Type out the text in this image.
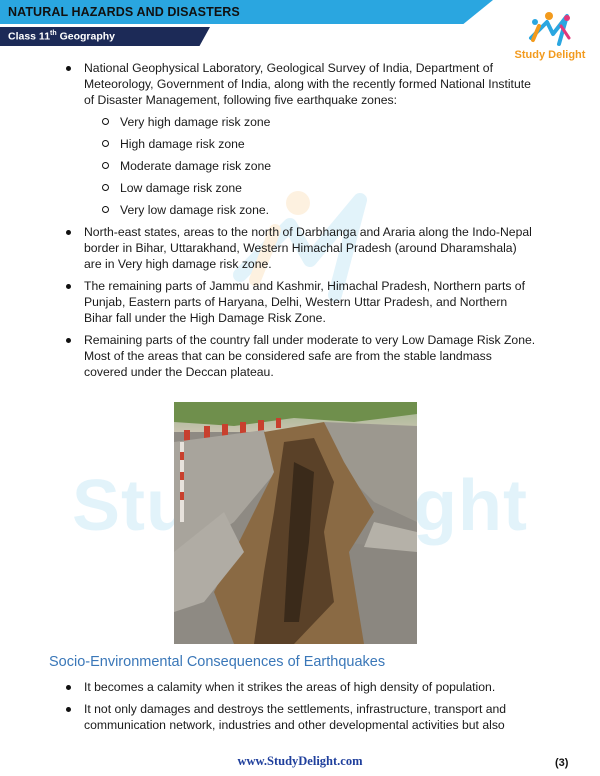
NATURAL HAZARDS AND DISASTERS
Class 11th Geography
Study Delight
National Geophysical Laboratory, Geological Survey of India, Department of Meteorology, Government of India, along with the recently formed National Institute of Disaster Management, following five earthquake zones:
Very high damage risk zone
High damage risk zone
Moderate damage risk zone
Low damage risk zone
Very low damage risk zone.
North-east states, areas to the north of Darbhanga and Araria along the Indo-Nepal border in Bihar, Uttarakhand, Western Himachal Pradesh (around Dharamshala) are in Very high damage risk zone.
The remaining parts of Jammu and Kashmir, Himachal Pradesh, Northern parts of Punjab, Eastern parts of Haryana, Delhi, Western Uttar Pradesh, and Northern Bihar fall under the High Damage Risk Zone.
Remaining parts of the country fall under moderate to very Low Damage Risk Zone. Most of the areas that can be considered safe are from the stable landmass covered under the Deccan plateau.
Socio-Environmental Consequences of Earthquakes
It becomes a calamity when it strikes the areas of high density of population.
It not only damages and destroys the settlements, infrastructure, transport and communication network, industries and other developmental activities but also
www.StudyDelight.com	(3)
